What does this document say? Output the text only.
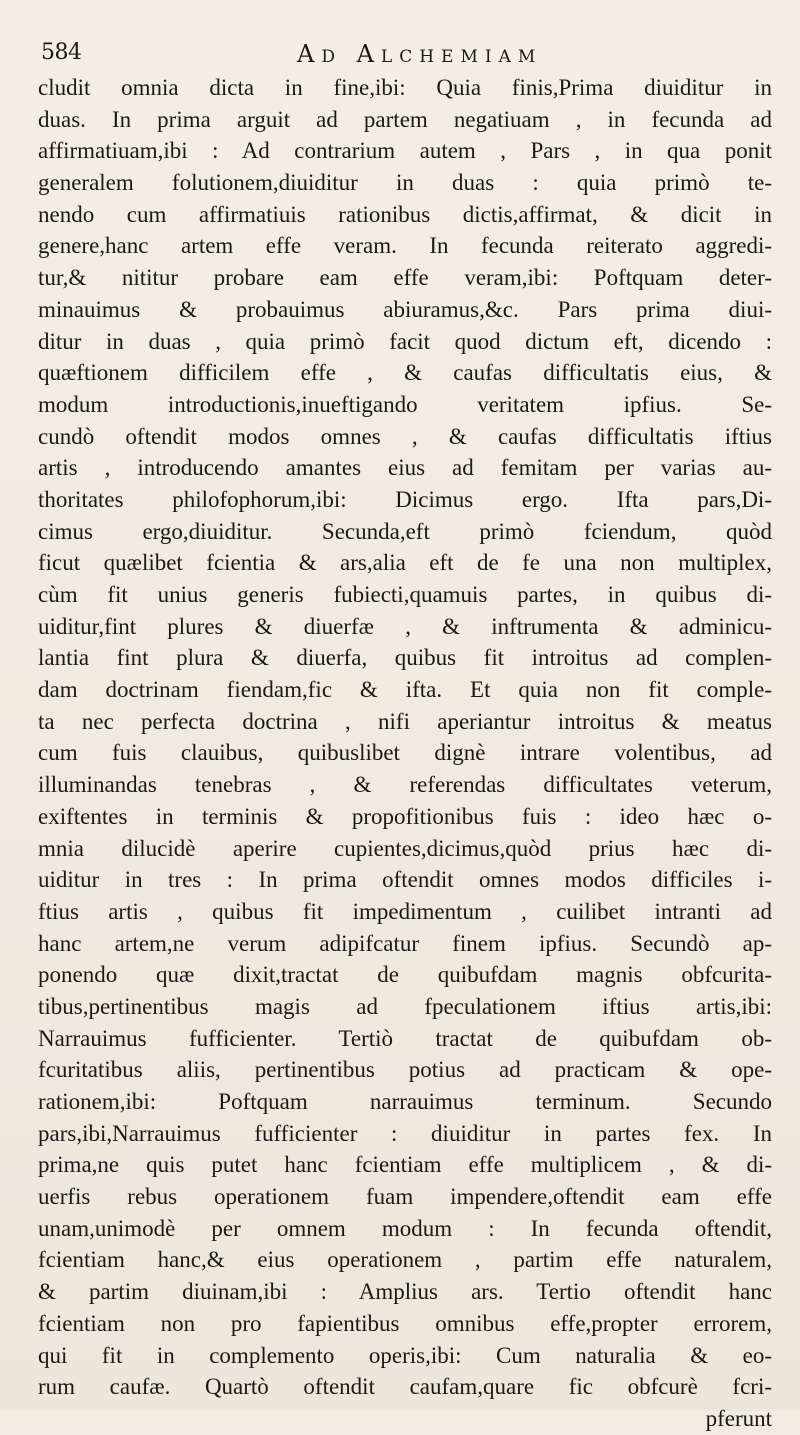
584	Ad Alchemiam
cludit omnia dicta in fine,ibi: Quia finis,Prima diuiditur in
duas. In prima arguit ad partem negatiuam , in fecunda ad
affirmatiuam,ibi : Ad contrarium autem , Pars , in qua ponit
generalem folutionem,diuiditur in duas : quia primò te-
nendo cum affirmatiuis rationibus dictis,affirmat, & dicit in
genere,hanc artem effe veram. In fecunda reiterato aggredi-
tur,& nititur probare eam effe veram,ibi: Poftquam deter-
minauimus & probauimus abiuramus,&c. Pars prima diui-
ditur in duas , quia primò facit quod dictum eft, dicendo :
quæftionem difficilem effe , & caufas difficultatis eius, &
modum introductionis,inueftigando veritatem ipfius. Se-
cundò oftendit modos omnes , & caufas difficultatis iftius
artis , introducendo amantes eius ad femitam per varias au-
thoritates philofophorum,ibi: Dicimus ergo. Ifta pars,Di-
cimus ergo,diuiditur. Secunda,eft primò fciendum, quòd
ficut quælibet fcientia & ars,alia eft de fe una non multiplex,
cùm fit unius generis fubiecti,quamuis partes, in quibus di-
uiditur,fint plures & diuerfæ , & inftrumenta & adminicu-
lantia fint plura & diuerfa, quibus fit introitus ad complen-
dam doctrinam fiendam,fic & ifta. Et quia non fit comple-
ta nec perfecta doctrina , nifi aperiantur introitus & meatus
cum fuis clauibus, quibuslibet dignè intrare volentibus, ad
illuminandas tenebras , & referendas difficultates veterum,
exiftentes in terminis & propofitionibus fuis : ideo hæc o-
mnia dilucidè aperire cupientes,dicimus,quòd prius hæc di-
uiditur in tres : In prima oftendit omnes modos difficiles i-
ftius artis , quibus fit impedimentum , cuilibet intranti ad
hanc artem,ne verum adipifcatur finem ipfius. Secundò ap-
ponendo quæ dixit,tractat de quibufdam magnis obfcurita-
tibus,pertinentibus magis ad fpeculationem iftius artis,ibi:
Narrauimus fufficienter. Tertiò tractat de quibufdam ob-
fcuritatibus aliis, pertinentibus potius ad practicam & ope-
rationem,ibi: Poftquam narrauimus terminum. Secundo
pars,ibi,Narrauimus fufficienter : diuiditur in partes fex. In
prima,ne quis putet hanc fcientiam effe multiplicem , & di-
uerfis rebus operationem fuam impendere,oftendit eam effe
unam,unimodè per omnem modum : In fecunda oftendit,
fcientiam hanc,& eius operationem , partim effe naturalem,
& partim diuinam,ibi : Amplius ars. Tertio oftendit hanc
fcientiam non pro fapientibus omnibus effe,propter errorem,
qui fit in complemento operis,ibi: Cum naturalia & eo-
rum caufæ. Quartò oftendit caufam,quare fic obfcurè fcri-
pferunt
